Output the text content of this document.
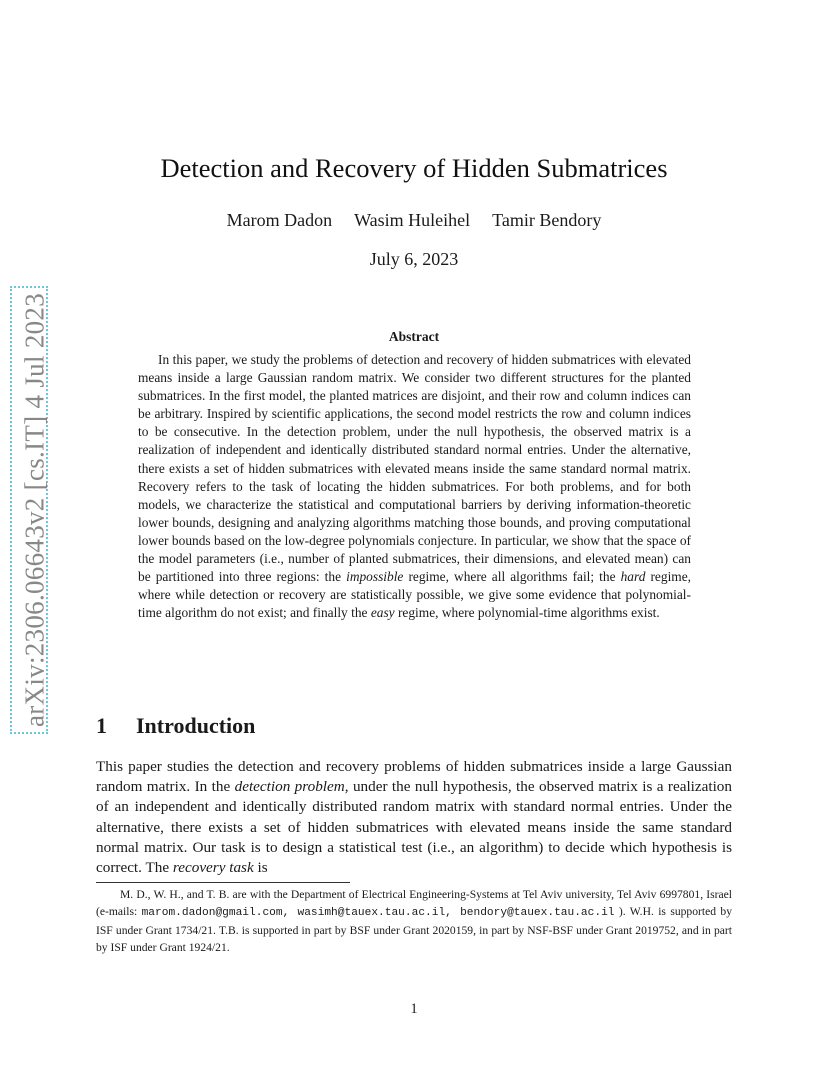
arXiv:2306.06643v2 [cs.IT] 4 Jul 2023
Detection and Recovery of Hidden Submatrices
Marom Dadon Wasim Huleihel Tamir Bendory
July 6, 2023
Abstract
In this paper, we study the problems of detection and recovery of hidden submatrices with elevated means inside a large Gaussian random matrix. We consider two different structures for the planted submatrices. In the first model, the planted matrices are disjoint, and their row and column indices can be arbitrary. Inspired by scientific applications, the second model restricts the row and column indices to be consecutive. In the detection problem, under the null hypothesis, the observed matrix is a realization of independent and identically distributed standard normal entries. Under the alternative, there exists a set of hidden submatrices with elevated means inside the same standard normal matrix. Recovery refers to the task of locating the hidden submatrices. For both problems, and for both models, we characterize the statistical and computational barriers by deriving information-theoretic lower bounds, designing and analyzing algorithms matching those bounds, and proving computational lower bounds based on the low-degree polynomials conjecture. In particular, we show that the space of the model parameters (i.e., number of planted submatrices, their dimensions, and elevated mean) can be partitioned into three regions: the impossible regime, where all algorithms fail; the hard regime, where while detection or recovery are statistically possible, we give some evidence that polynomial-time algorithm do not exist; and finally the easy regime, where polynomial-time algorithms exist.
1 Introduction
This paper studies the detection and recovery problems of hidden submatrices inside a large Gaussian random matrix. In the detection problem, under the null hypothesis, the observed matrix is a realization of an independent and identically distributed random matrix with standard normal entries. Under the alternative, there exists a set of hidden submatrices with elevated means inside the same standard normal matrix. Our task is to design a statistical test (i.e., an algorithm) to decide which hypothesis is correct. The recovery task is
M. D., W. H., and T. B. are with the Department of Electrical Engineering-Systems at Tel Aviv university, Tel Aviv 6997801, Israel (e-mails: marom.dadon@gmail.com, wasimh@tauex.tau.ac.il, bendory@tauex.tau.ac.il ). W.H. is supported by ISF under Grant 1734/21. T.B. is supported in part by BSF under Grant 2020159, in part by NSF-BSF under Grant 2019752, and in part by ISF under Grant 1924/21.
1
